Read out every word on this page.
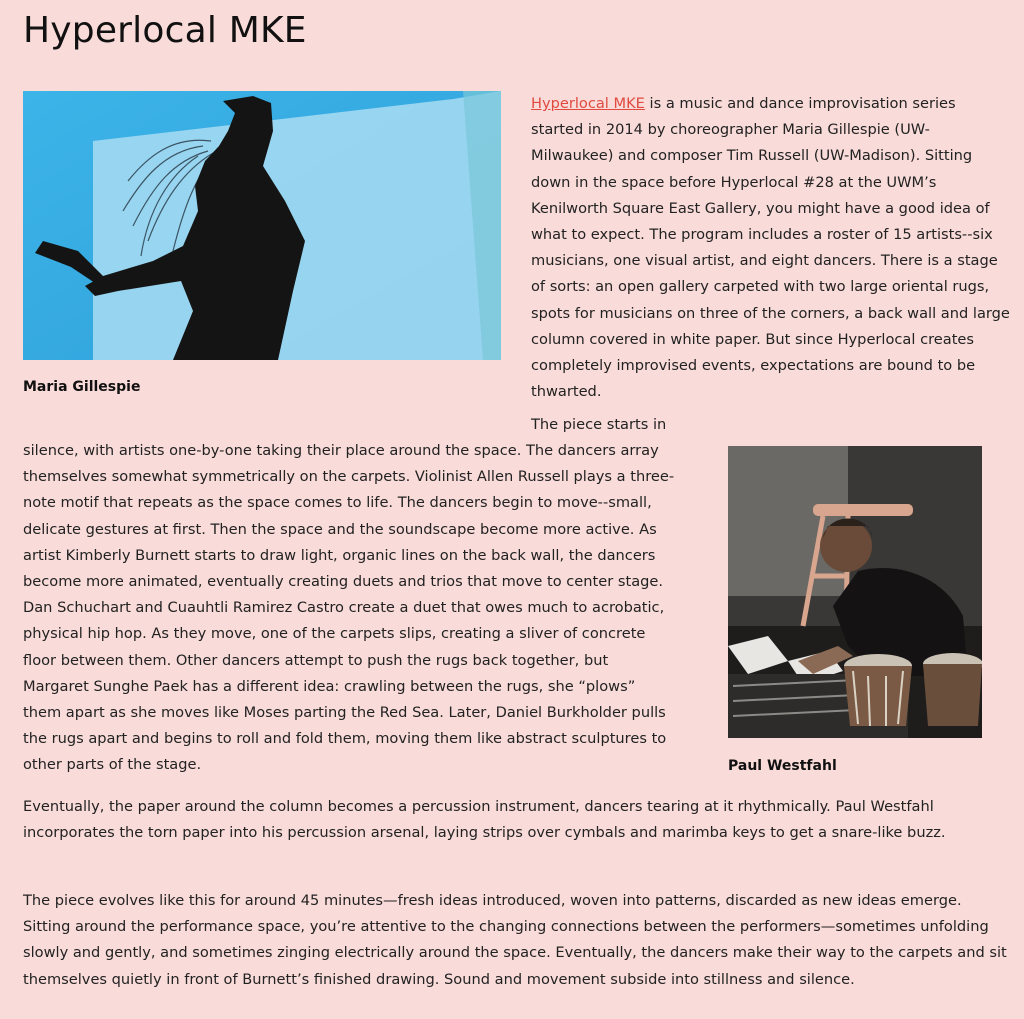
Hyperlocal MKE
Maria Gillespie

Hyperlocal MKE is a music and dance improvisation series started in 2014 by choreographer Maria Gillespie (UW-Milwaukee) and composer Tim Russell (UW-Madison). Sitting down in the space before Hyperlocal #28 at the UWM’s Kenilworth Square East Gallery, you might have a good idea of what to expect. The program includes a roster of 15 artists--six musicians, one visual artist, and eight dancers. There is a stage of sorts: an open gallery carpeted with two large oriental rugs, spots for musicians on three of the corners, a back wall and large column covered in white paper. But since Hyperlocal creates completely improvised events, expectations are bound to be thwarted.

The piece starts in

silence, with artists one-by-one taking their place around the space. The dancers array themselves somewhat symmetrically on the carpets. Violinist Allen Russell plays a three-note motif that repeats as the space comes to life. The dancers begin to move--small, delicate gestures at first. Then the space and the soundscape become more active. As artist Kimberly Burnett starts to draw light, organic lines on the back wall, the dancers become more animated, eventually creating duets and trios that move to center stage. Dan Schuchart and Cuauhtli Ramirez Castro create a duet that owes much to acrobatic, physical hip hop. As they move, one of the carpets slips, creating a sliver of concrete floor between them. Other dancers attempt to push the rugs back together, but Margaret Sunghe Paek has a different idea: crawling between the rugs, she “plows” them apart as she moves like Moses parting the Red Sea. Later, Daniel Burkholder pulls the rugs apart and begins to roll and fold them, moving them like abstract sculptures to other parts of the stage.	Paul Westfahl

Eventually, the paper around the column becomes a percussion instrument, dancers tearing at it rhythmically. Paul Westfahl incorporates the torn paper into his percussion arsenal, laying strips over cymbals and marimba keys to get a snare-like buzz.

The piece evolves like this for around 45 minutes—fresh ideas introduced, woven into patterns, discarded as new ideas emerge. Sitting around the performance space, you’re attentive to the changing connections between the performers—sometimes unfolding slowly and gently, and sometimes zinging electrically around the space. Eventually, the dancers make their way to the carpets and sit themselves quietly in front of Burnett’s finished drawing. Sound and movement subside into stillness and silence.
